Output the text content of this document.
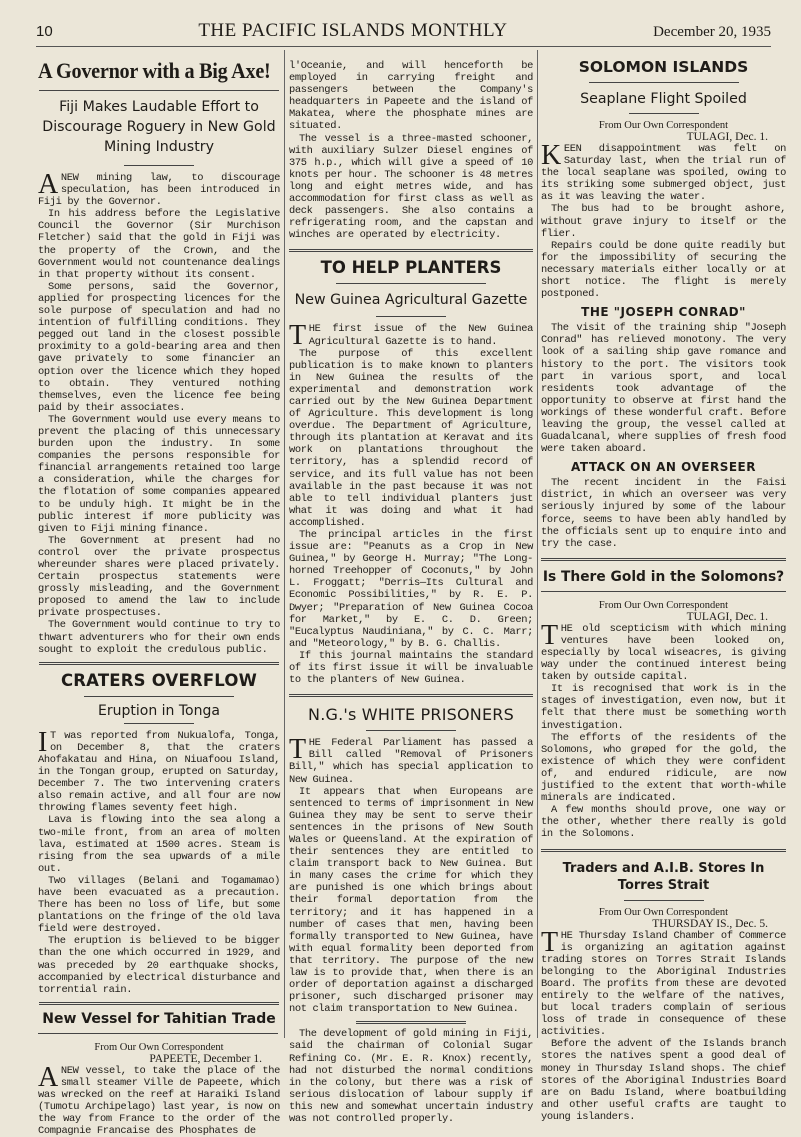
10	THE PACIFIC ISLANDS MONTHLY	December 20, 1935
A Governor with a Big Axe!
Fiji Makes Laudable Effort to Discourage Roguery in New Gold Mining Industry

A NEW mining law, to discourage speculation, has been introduced in Fiji by the Governor.

In his address before the Legislative Council the Governor (Sir Murchison Fletcher) said that the gold in Fiji was the property of the Crown, and the Government would not countenance dealings in that property without its consent.

Some persons, said the Governor, applied for prospecting licences for the sole purpose of speculation and had no intention of fulfilling conditions. They pegged out land in the closest possible proximity to a gold-bearing area and then gave privately to some financier an option over the licence which they hoped to obtain. They ventured nothing themselves, even the licence fee being paid by their associates.

The Government would use every means to prevent the placing of this unnecessary burden upon the industry. In some companies the persons responsible for financial arrangements retained too large a consideration, while the charges for the flotation of some companies appeared to be unduly high. It might be in the public interest if more publicity was given to Fiji mining finance.

The Government at present had no control over the private prospectus whereunder shares were placed privately. Certain prospectus statements were grossly misleading, and the Government proposed to amend the law to include private prospectuses.

The Government would continue to try to thwart adventurers who for their own ends sought to exploit the credulous public.

CRATERS OVERFLOW
Eruption in Tonga

I T was reported from Nukualofa, Tonga, on December 8, that the craters Ahofakatau and Hina, on Niuafoou Island, in the Tongan group, erupted on Saturday, December 7. The two intervening craters also remain active, and all four are now throwing flames seventy feet high.

Lava is flowing into the sea along a two-mile front, from an area of molten lava, estimated at 1500 acres. Steam is rising from the sea upwards of a mile out.

Two villages (Belani and Togamamao) have been evacuated as a precaution. There has been no loss of life, but some plantations on the fringe of the old lava field were destroyed.

The eruption is believed to be bigger than the one which occurred in 1929, and was preceded by 20 earthquake shocks, accompanied by electrical disturbance and torrential rain.

New Vessel for Tahitian Trade
From Our Own Correspondent
PAPEETE, December 1.

A NEW vessel, to take the place of the small steamer Ville de Papeete, which was wrecked on the reef at Haraiki Island (Tumotu Archipelago) last year, is now on the way from France to the order of the Compagnie Francaise des Phosphates de

l'Oceanie, and will henceforth be employed in carrying freight and passengers between the Company's headquarters in Papeete and the island of Makatea, where the phosphate mines are situated.

The vessel is a three-masted schooner, with auxiliary Sulzer Diesel engines of 375 h.p., which will give a speed of 10 knots per hour. The schooner is 48 metres long and eight metres wide, and has accommodation for first class as well as deck passengers. She also contains a refrigerating room, and the capstan and winches are operated by electricity.

TO HELP PLANTERS
New Guinea Agricultural Gazette

THE first issue of the New Guinea Agricultural Gazette is to hand.

The purpose of this excellent publication is to make known to planters in New Guinea the results of the experimental and demonstration work carried out by the New Guinea Department of Agriculture. This development is long overdue. The Department of Agriculture, through its plantation at Keravat and its work on plantations throughout the territory, has a splendid record of service, and its full value has not been available in the past because it was not able to tell individual planters just what it was doing and what it had accomplished.

The principal articles in the first issue are: "Peanuts as a Crop in New Guinea," by George H. Murray; "The Long-horned Treehopper of Coconuts," by John L. Froggatt; "Derris—Its Cultural and Economic Possibilities," by R. E. P. Dwyer; "Preparation of New Guinea Cocoa for Market," by E. C. D. Green; "Eucalyptus Naudiniana," by C. C. Marr; and "Meteorology," by B. G. Challis.

If this journal maintains the standard of its first issue it will be invaluable to the planters of New Guinea.

N.G.'s WHITE PRISONERS

THE Federal Parliament has passed a Bill called "Removal of Prisoners Bill," which has special application to New Guinea.

It appears that when Europeans are sentenced to terms of imprisonment in New Guinea they may be sent to serve their sentences in the prisons of New South Wales or Queensland. At the expiration of their sentences they are entitled to claim transport back to New Guinea. But in many cases the crime for which they are punished is one which brings about their formal deportation from the territory; and it has happened in a number of cases that men, having been formally transported to New Guinea, have with equal formality been deported from that territory. The purpose of the new law is to provide that, when there is an order of deportation against a discharged prisoner, such discharged prisoner may not claim transportation to New Guinea.

The development of gold mining in Fiji, said the chairman of Colonial Sugar Refining Co. (Mr. E. R. Knox) recently, had not disturbed the normal conditions in the colony, but there was a risk of serious dislocation of labour supply if this new and somewhat uncertain industry was not controlled properly.

SOLOMON ISLANDS
Seaplane Flight Spoiled
From Our Own Correspondent
TULAGI, Dec. 1.

KEEN disappointment was felt on Saturday last, when the trial run of the local seaplane was spoiled, owing to its striking some submerged object, just as it was leaving the water.

The bus had to be brought ashore, without grave injury to itself or the flier.

Repairs could be done quite readily but for the impossibility of securing the necessary materials either locally or at short notice. The flight is merely postponed.

THE "JOSEPH CONRAD"

The visit of the training ship "Joseph Conrad" has relieved monotony. The very look of a sailing ship gave romance and history to the port. The visitors took part in various sport, and local residents took advantage of the opportunity to observe at first hand the workings of these wonderful craft. Before leaving the group, the vessel called at Guadalcanal, where supplies of fresh food were taken aboard.

ATTACK ON AN OVERSEER

The recent incident in the Faisi district, in which an overseer was very seriously injured by some of the labour force, seems to have been ably handled by the officials sent up to enquire into and try the case.

Is There Gold in the Solomons?
From Our Own Correspondent
TULAGI, Dec. 1.

THE old scepticism with which mining ventures have been looked on, especially by local wiseacres, is giving way under the continued interest being taken by outside capital.

It is recognised that work is in the stages of investigation, even now, but it felt that there must be something worth investigation.

The efforts of the residents of the Solomons, who grøped for the gold, the existence of which they were confident of, and endured ridicule, are now justified to the extent that worth-while minerals are indicated.

A few months should prove, one way or the other, whether there really is gold in the Solomons.

Traders and A.I.B. Stores In Torres Strait
From Our Own Correspondent
THURSDAY IS., Dec. 5.

THE Thursday Island Chamber of Commerce is organizing an agitation against trading stores on Torres Strait Islands belonging to the Aboriginal Industries Board. The profits from these are devoted entirely to the welfare of the natives, but local traders complain of serious loss of trade in consequence of these activities.

Before the advent of the Islands branch stores the natives spent a good deal of money in Thursday Island shops. The chief stores of the Aboriginal Industries Board are on Badu Island, where boatbuilding and other useful crafts are taught to young islanders.
